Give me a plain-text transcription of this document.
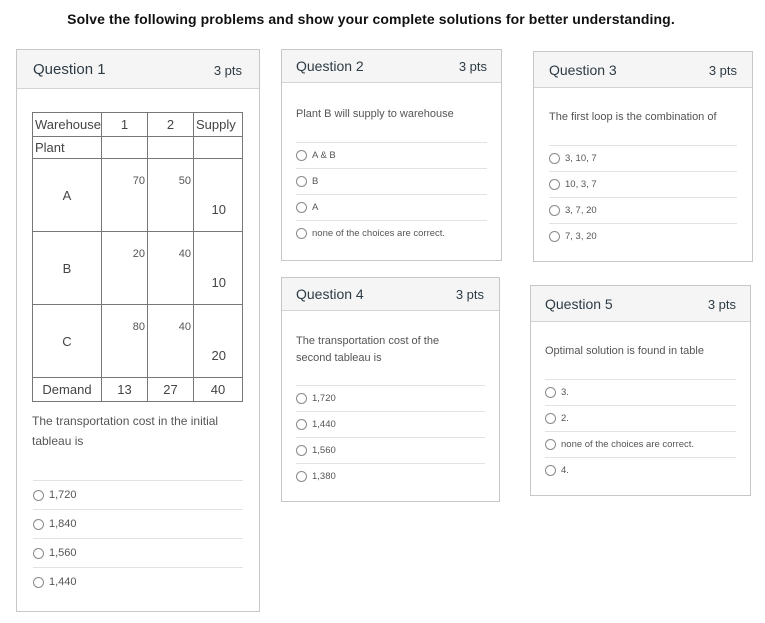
Solve the following problems and show your complete solutions for better understanding.
Question 1	3 pts
Warehouse	1	2	Supply
Plant			
A	70	50	10

B	20	40	10

C	80	40	20

Demand	13	27	40
The transportation cost in the initial tableau is
1,720
1,840
1,560
1,440
Question 2	3 pts
Plant B will supply to warehouse
A & B
B
A
none of the choices are correct.
Question 3	3 pts
The first loop is the combination of
3, 10, 7
10, 3, 7
3, 7, 20
7, 3, 20
Question 4	3 pts
The transportation cost of the second tableau is
1,720
1,440
1,560
1,380
Question 5	3 pts
Optimal solution is found in table
3.
2.
none of the choices are correct.
4.
